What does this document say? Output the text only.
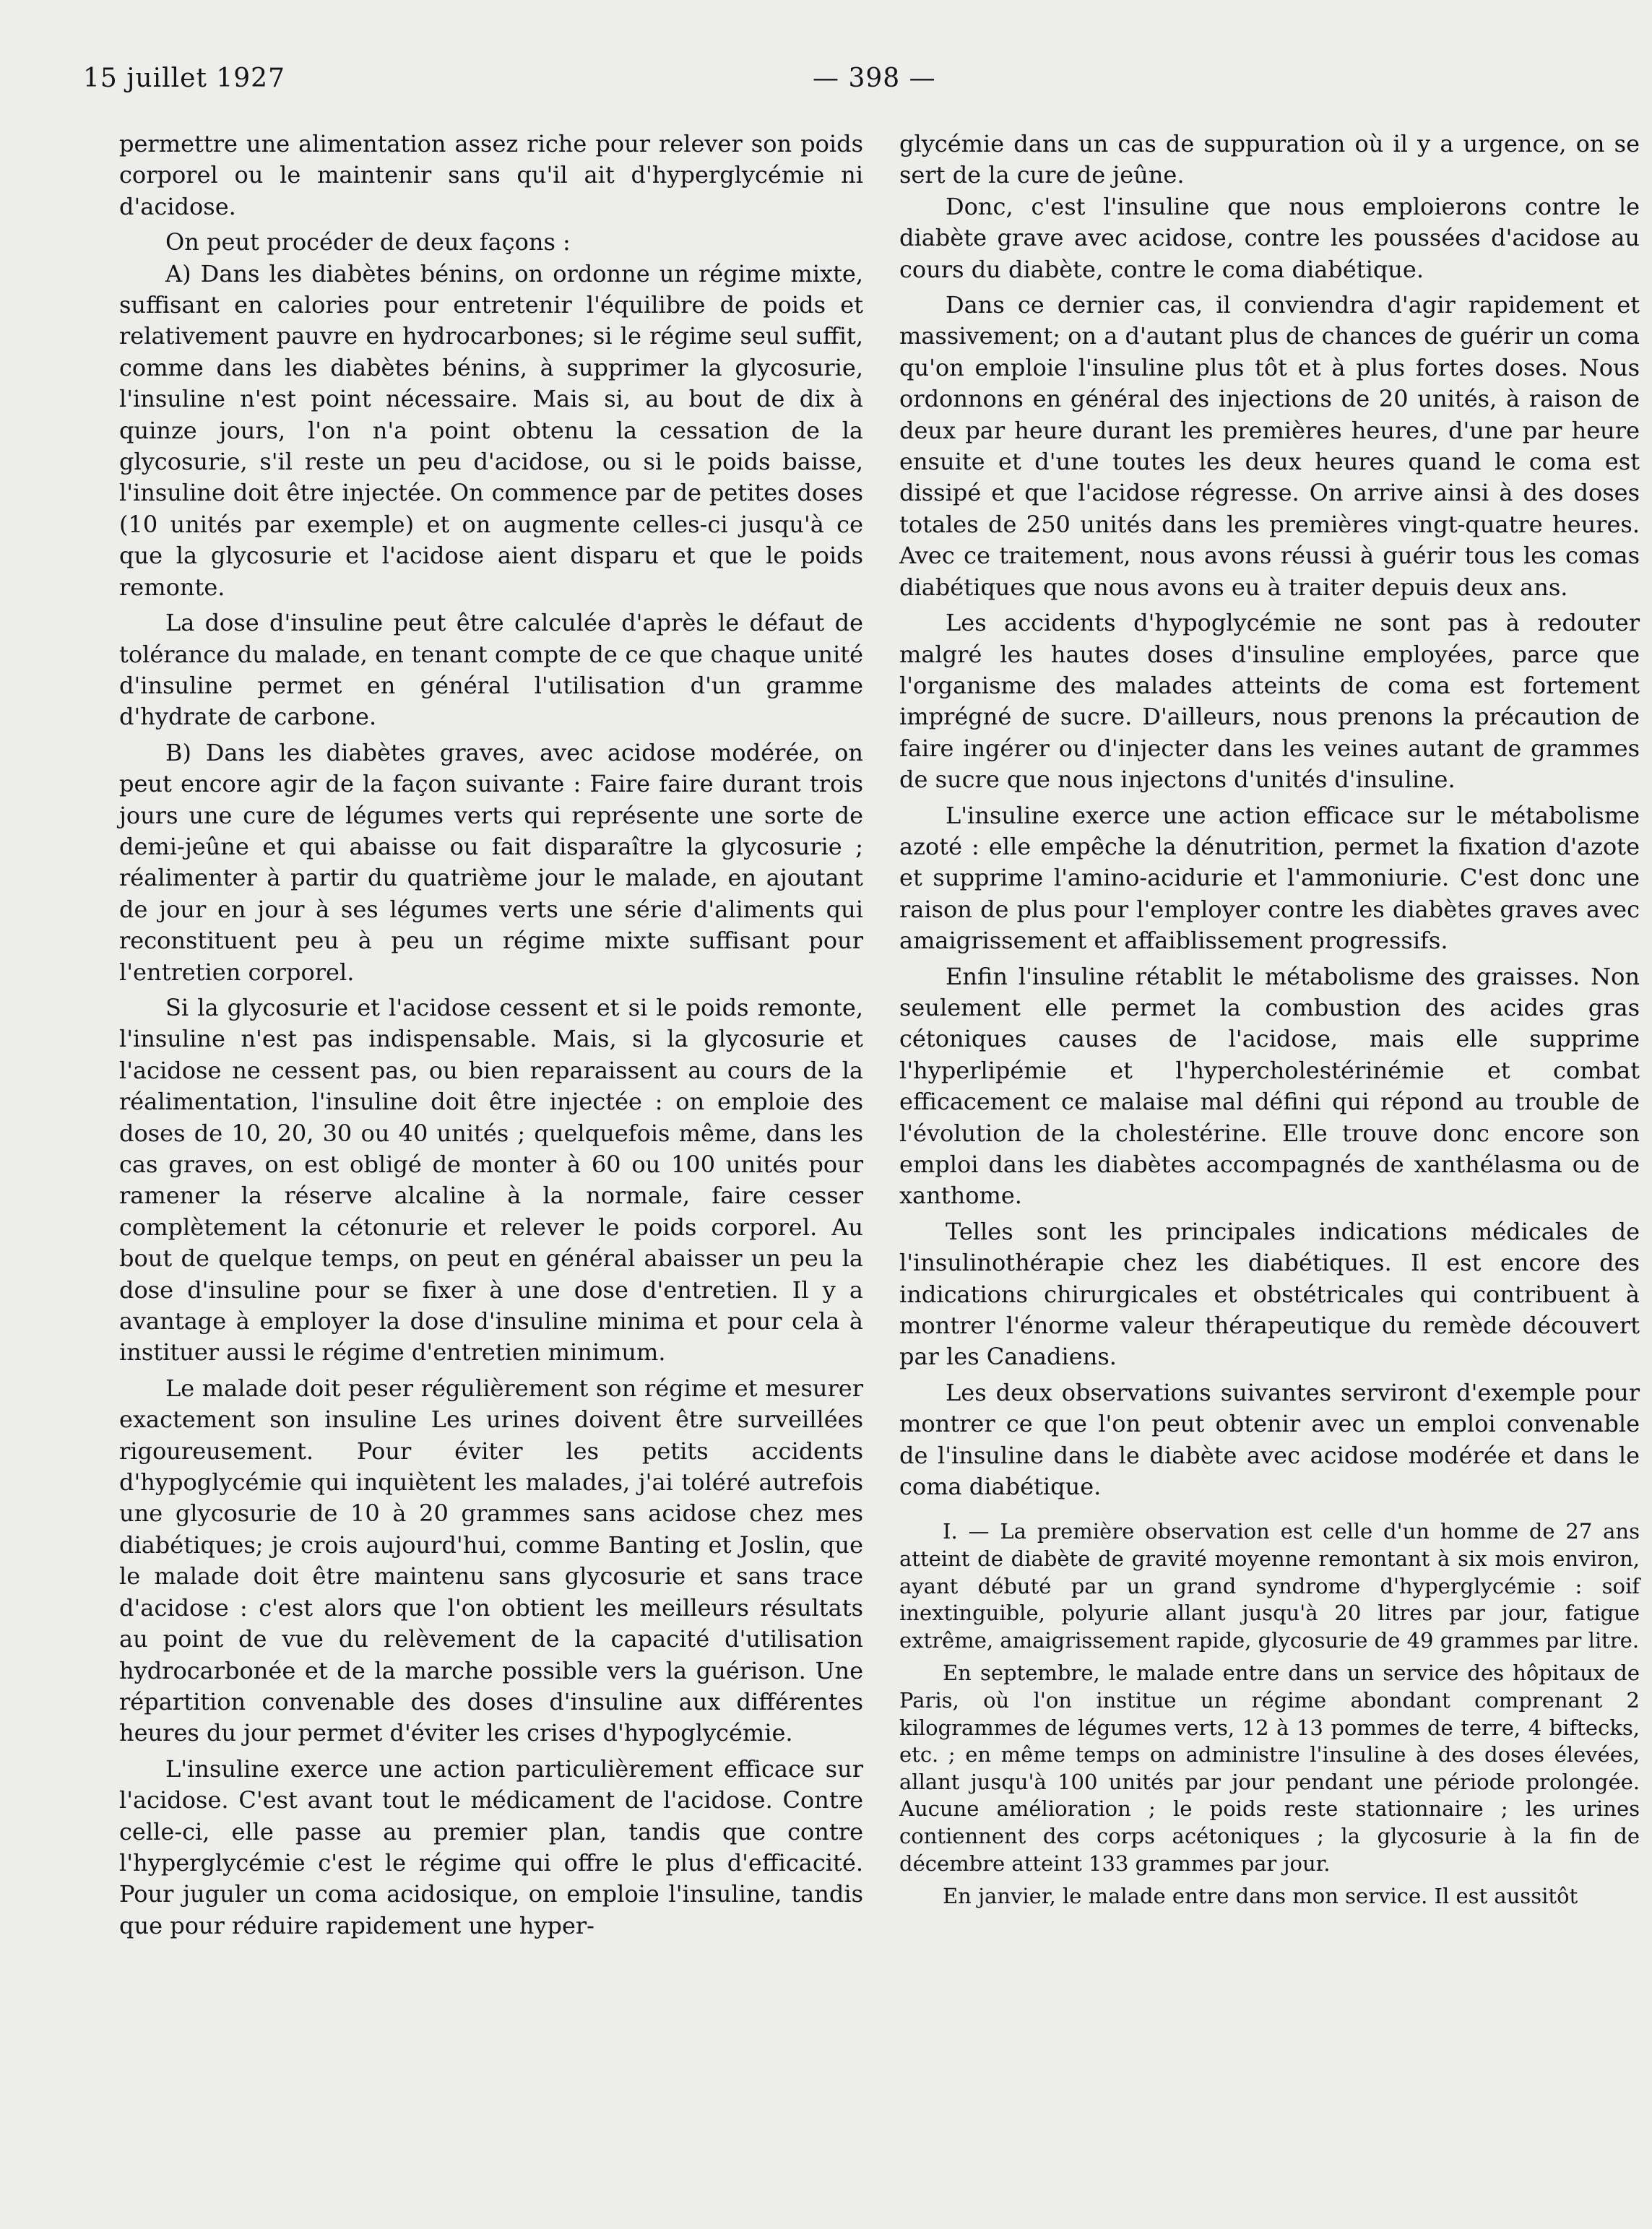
15 juillet 1927	— 398 —

permettre une alimentation assez riche pour relever son poids corporel ou le maintenir sans qu'il ait d'hyperglycémie ni d'acidose.

On peut procéder de deux façons :

A) Dans les diabètes bénins, on ordonne un régime mixte, suffisant en calories pour entretenir l'équilibre de poids et relativement pauvre en hydrocarbones; si le régime seul suffit, comme dans les diabètes bénins, à supprimer la glycosurie, l'insuline n'est point nécessaire. Mais si, au bout de dix à quinze jours, l'on n'a point obtenu la cessation de la glycosurie, s'il reste un peu d'acidose, ou si le poids baisse, l'insuline doit être injectée. On commence par de petites doses (10 unités par exemple) et on augmente celles-ci jusqu'à ce que la glycosurie et l'acidose aient disparu et que le poids remonte.

La dose d'insuline peut être calculée d'après le défaut de tolérance du malade, en tenant compte de ce que chaque unité d'insuline permet en général l'utilisation d'un gramme d'hydrate de carbone.

B) Dans les diabètes graves, avec acidose modérée, on peut encore agir de la façon suivante : Faire faire durant trois jours une cure de légumes verts qui représente une sorte de demi-jeûne et qui abaisse ou fait disparaître la glycosurie ; réalimenter à partir du quatrième jour le malade, en ajoutant de jour en jour à ses légumes verts une série d'aliments qui reconstituent peu à peu un régime mixte suffisant pour l'entretien corporel.

Si la glycosurie et l'acidose cessent et si le poids remonte, l'insuline n'est pas indispensable. Mais, si la glycosurie et l'acidose ne cessent pas, ou bien reparaissent au cours de la réalimentation, l'insuline doit être injectée : on emploie des doses de 10, 20, 30 ou 40 unités ; quelquefois même, dans les cas graves, on est obligé de monter à 60 ou 100 unités pour ramener la réserve alcaline à la normale, faire cesser complètement la cétonurie et relever le poids corporel. Au bout de quelque temps, on peut en général abaisser un peu la dose d'insuline pour se fixer à une dose d'entretien. Il y a avantage à employer la dose d'insuline minima et pour cela à instituer aussi le régime d'entretien minimum.

Le malade doit peser régulièrement son régime et mesurer exactement son insuline Les urines doivent être surveillées rigoureusement. Pour éviter les petits accidents d'hypoglycémie qui inquiètent les malades, j'ai toléré autrefois une glycosurie de 10 à 20 grammes sans acidose chez mes diabétiques; je crois aujourd'hui, comme Banting et Joslin, que le malade doit être maintenu sans glycosurie et sans trace d'acidose : c'est alors que l'on obtient les meilleurs résultats au point de vue du relèvement de la capacité d'utilisation hydrocarbonée et de la marche possible vers la guérison. Une répartition convenable des doses d'insuline aux différentes heures du jour permet d'éviter les crises d'hypoglycémie.

L'insuline exerce une action particulièrement efficace sur l'acidose. C'est avant tout le médicament de l'acidose. Contre celle-ci, elle passe au premier plan, tandis que contre l'hyperglycémie c'est le régime qui offre le plus d'efficacité. Pour juguler un coma acidosique, on emploie l'insuline, tandis que pour réduire rapidement une hyper-

glycémie dans un cas de suppuration où il y a urgence, on se sert de la cure de jeûne.

Donc, c'est l'insuline que nous emploierons contre le diabète grave avec acidose, contre les poussées d'acidose au cours du diabète, contre le coma diabétique.

Dans ce dernier cas, il conviendra d'agir rapidement et massivement; on a d'autant plus de chances de guérir un coma qu'on emploie l'insuline plus tôt et à plus fortes doses. Nous ordonnons en général des injections de 20 unités, à raison de deux par heure durant les premières heures, d'une par heure ensuite et d'une toutes les deux heures quand le coma est dissipé et que l'acidose régresse. On arrive ainsi à des doses totales de 250 unités dans les premières vingt-quatre heures. Avec ce traitement, nous avons réussi à guérir tous les comas diabétiques que nous avons eu à traiter depuis deux ans.

Les accidents d'hypoglycémie ne sont pas à redouter malgré les hautes doses d'insuline employées, parce que l'organisme des malades atteints de coma est fortement imprégné de sucre. D'ailleurs, nous prenons la précaution de faire ingérer ou d'injecter dans les veines autant de grammes de sucre que nous injectons d'unités d'insuline.

L'insuline exerce une action efficace sur le métabolisme azoté : elle empêche la dénutrition, permet la fixation d'azote et supprime l'amino-acidurie et l'ammoniurie. C'est donc une raison de plus pour l'employer contre les diabètes graves avec amaigrissement et affaiblissement progressifs.

Enfin l'insuline rétablit le métabolisme des graisses. Non seulement elle permet la combustion des acides gras cétoniques causes de l'acidose, mais elle supprime l'hyperlipémie et l'hypercholestérinémie et combat efficacement ce malaise mal défini qui répond au trouble de l'évolution de la cholestérine. Elle trouve donc encore son emploi dans les diabètes accompagnés de xanthélasma ou de xanthome.

Telles sont les principales indications médicales de l'insulinothérapie chez les diabétiques. Il est encore des indications chirurgicales et obstétricales qui contribuent à montrer l'énorme valeur thérapeutique du remède découvert par les Canadiens.

Les deux observations suivantes serviront d'exemple pour montrer ce que l'on peut obtenir avec un emploi convenable de l'insuline dans le diabète avec acidose modérée et dans le coma diabétique.

I. — La première observation est celle d'un homme de 27 ans atteint de diabète de gravité moyenne remontant à six mois environ, ayant débuté par un grand syndrome d'hyperglycémie : soif inextinguible, polyurie allant jusqu'à 20 litres par jour, fatigue extrême, amaigrissement rapide, glycosurie de 49 grammes par litre.

En septembre, le malade entre dans un service des hôpitaux de Paris, où l'on institue un régime abondant comprenant 2 kilogrammes de légumes verts, 12 à 13 pommes de terre, 4 biftecks, etc. ; en même temps on administre l'insuline à des doses élevées, allant jusqu'à 100 unités par jour pendant une période prolongée. Aucune amélioration ; le poids reste stationnaire ; les urines contiennent des corps acétoniques ; la glycosurie à la fin de décembre atteint 133 grammes par jour.

En janvier, le malade entre dans mon service. Il est aussitôt
